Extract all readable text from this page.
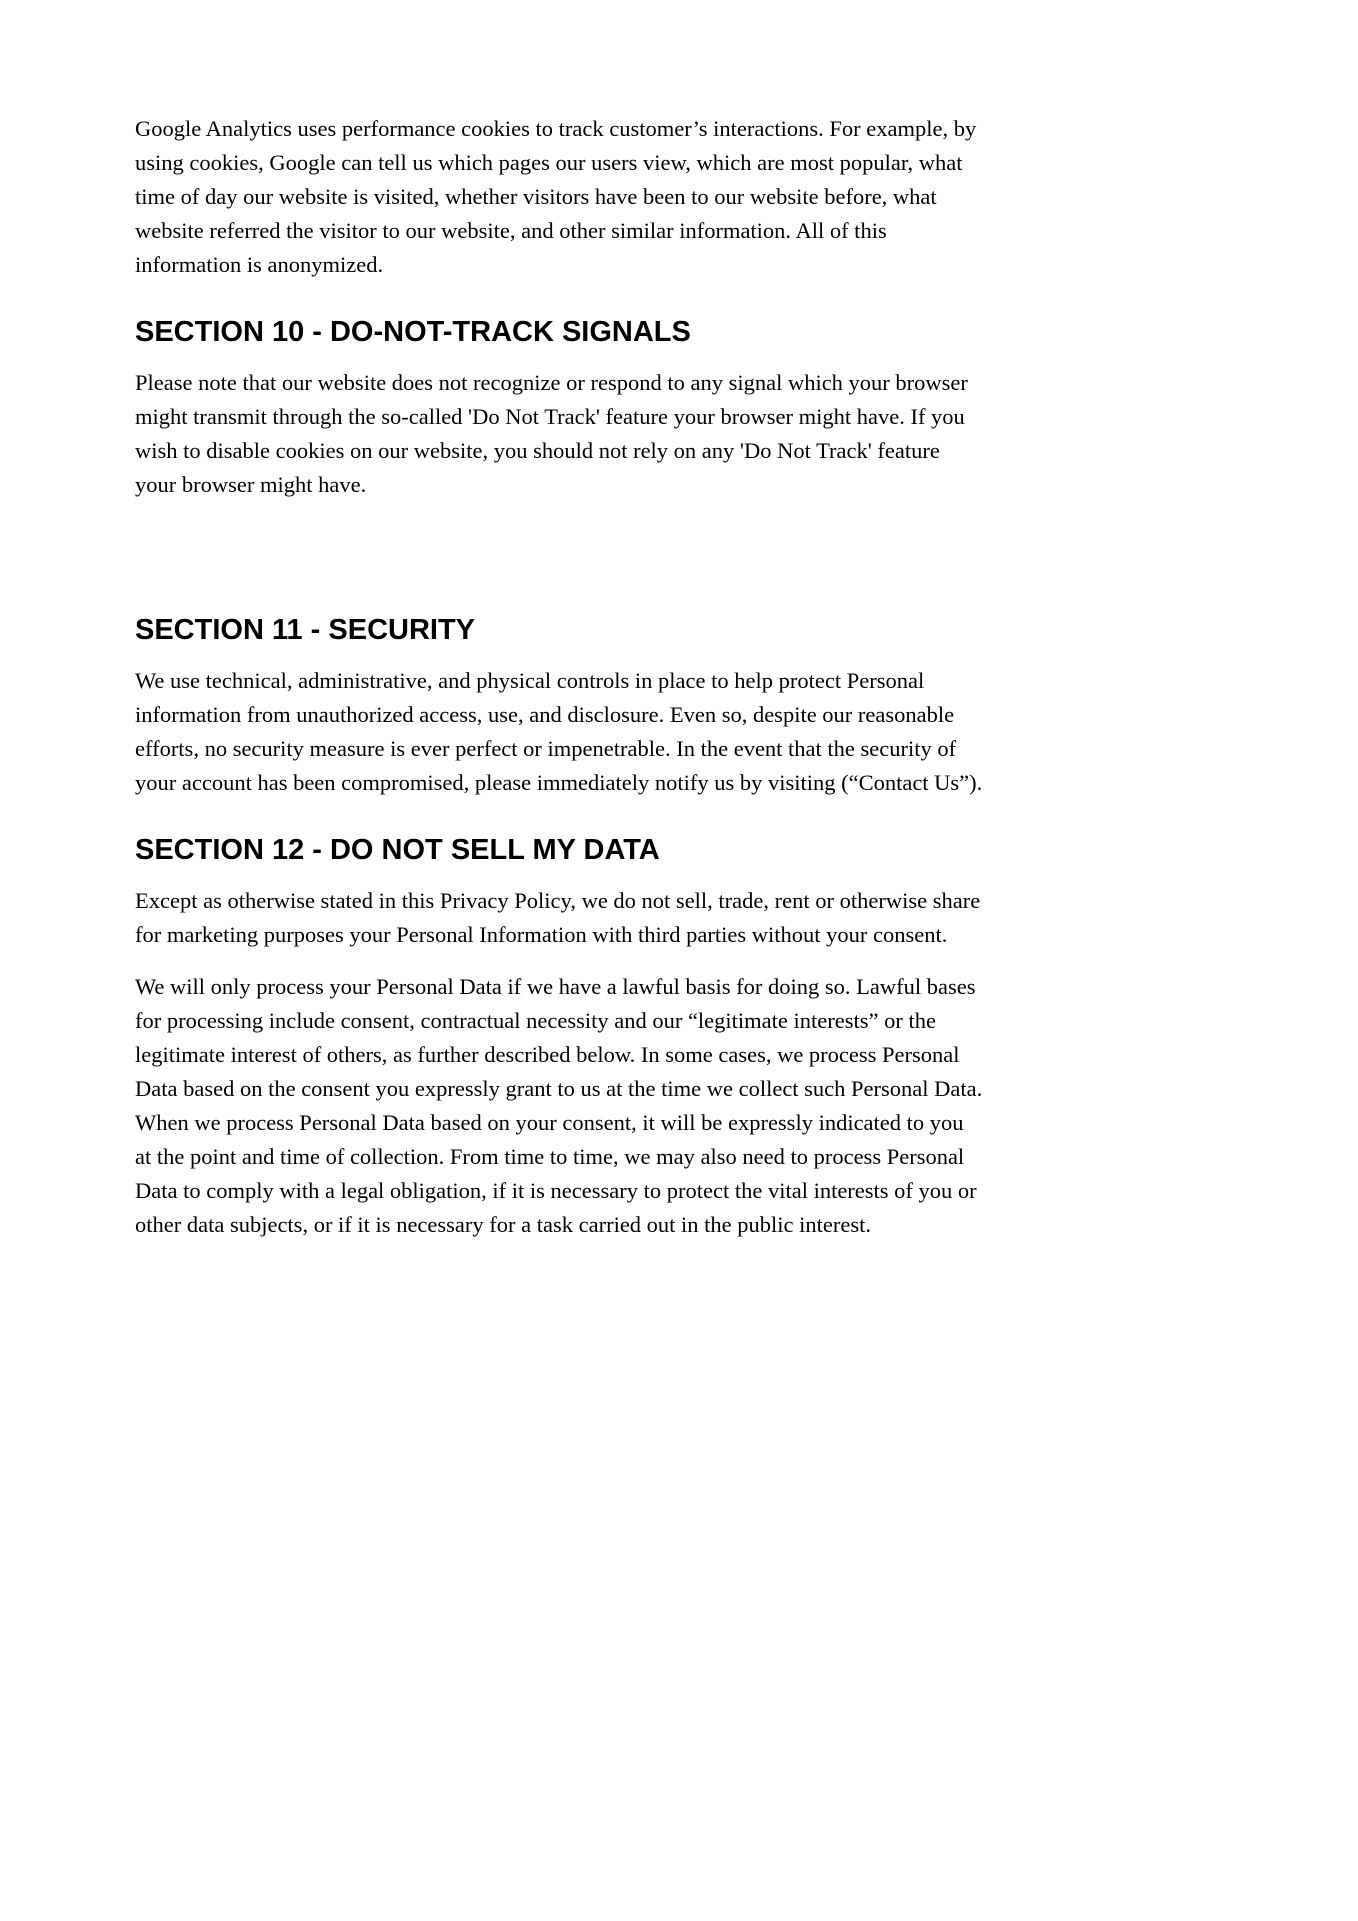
Google Analytics uses performance cookies to track customer’s interactions. For example, by using cookies, Google can tell us which pages our users view, which are most popular, what time of day our website is visited, whether visitors have been to our website before, what website referred the visitor to our website, and other similar information. All of this information is anonymized.

SECTION 10 - DO-NOT-TRACK SIGNALS

Please note that our website does not recognize or respond to any signal which your browser might transmit through the so-called 'Do Not Track' feature your browser might have. If you wish to disable cookies on our website, you should not rely on any 'Do Not Track' feature your browser might have.

SECTION 11 - SECURITY

We use technical, administrative, and physical controls in place to help protect Personal information from unauthorized access, use, and disclosure. Even so, despite our reasonable efforts, no security measure is ever perfect or impenetrable. In the event that the security of your account has been compromised, please immediately notify us by visiting (“Contact Us”).

SECTION 12 - DO NOT SELL MY DATA

Except as otherwise stated in this Privacy Policy, we do not sell, trade, rent or otherwise share for marketing purposes your Personal Information with third parties without your consent.

We will only process your Personal Data if we have a lawful basis for doing so. Lawful bases for processing include consent, contractual necessity and our “legitimate interests” or the legitimate interest of others, as further described below. In some cases, we process Personal Data based on the consent you expressly grant to us at the time we collect such Personal Data. When we process Personal Data based on your consent, it will be expressly indicated to you at the point and time of collection. From time to time, we may also need to process Personal Data to comply with a legal obligation, if it is necessary to protect the vital interests of you or other data subjects, or if it is necessary for a task carried out in the public interest.
